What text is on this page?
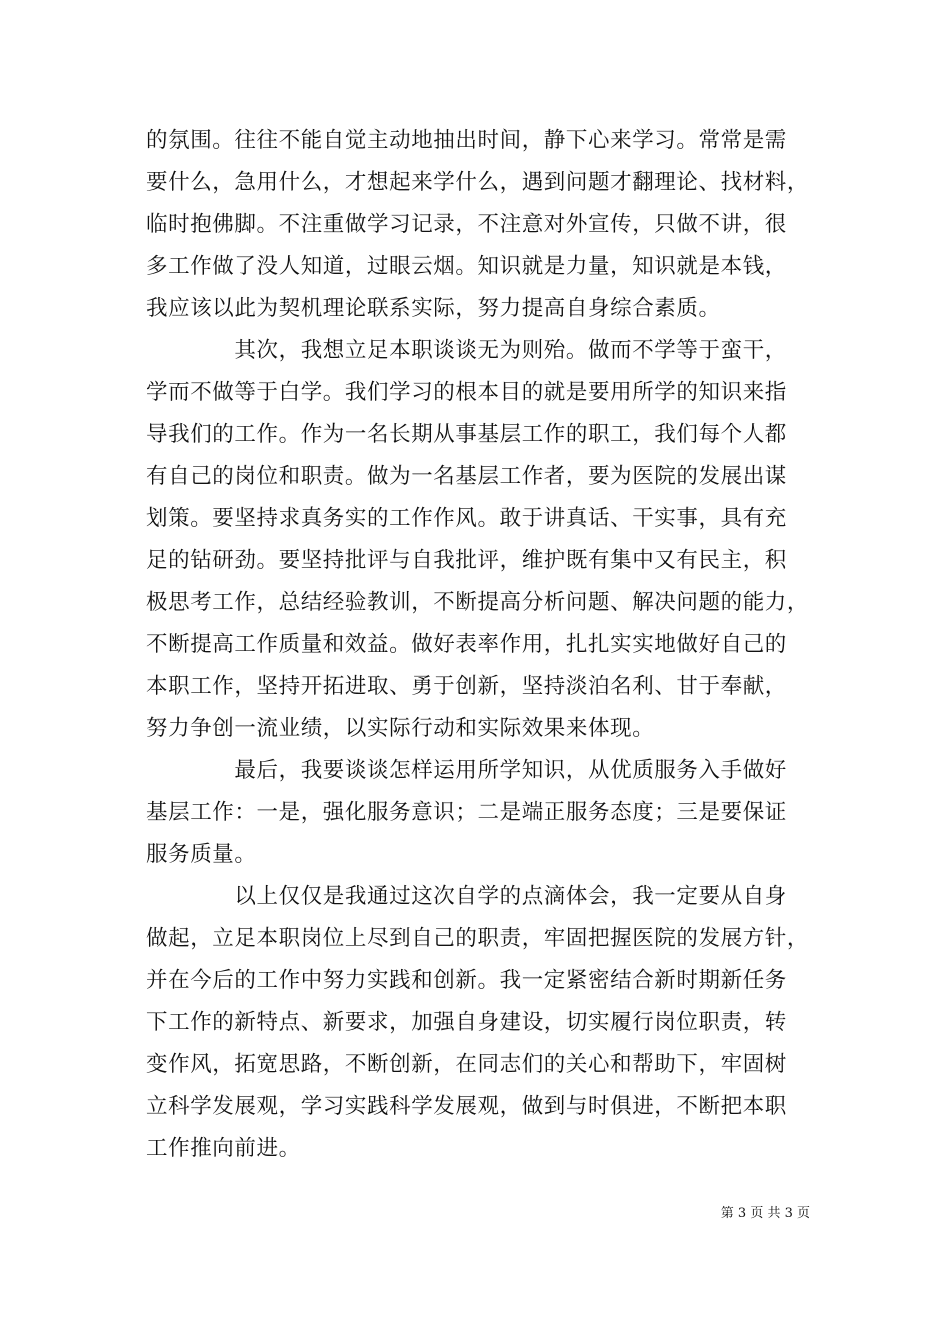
的氛围。往往不能自觉主动地抽出时间，静下心来学习。常常是需
要什么，急用什么，才想起来学什么，遇到问题才翻理论、找材料，
临时抱佛脚。不注重做学习记录，不注意对外宣传，只做不讲，很
多工作做了没人知道，过眼云烟。知识就是力量，知识就是本钱，
我应该以此为契机理论联系实际，努力提高自身综合素质。
　　　　其次，我想立足本职谈谈无为则殆。做而不学等于蛮干，
学而不做等于白学。我们学习的根本目的就是要用所学的知识来指
导我们的工作。作为一名长期从事基层工作的职工，我们每个人都
有自己的岗位和职责。做为一名基层工作者，要为医院的发展出谋
划策。要坚持求真务实的工作作风。敢于讲真话、干实事，具有充
足的钻研劲。要坚持批评与自我批评，维护既有集中又有民主，积
极思考工作，总结经验教训，不断提高分析问题、解决问题的能力，
不断提高工作质量和效益。做好表率作用，扎扎实实地做好自己的
本职工作，坚持开拓进取、勇于创新，坚持淡泊名利、甘于奉献，
努力争创一流业绩，以实际行动和实际效果来体现。
　　　　最后，我要谈谈怎样运用所学知识，从优质服务入手做好
基层工作：一是，强化服务意识；二是端正服务态度；三是要保证
服务质量。
　　　　以上仅仅是我通过这次自学的点滴体会，我一定要从自身
做起，立足本职岗位上尽到自己的职责，牢固把握医院的发展方针，
并在今后的工作中努力实践和创新。我一定紧密结合新时期新任务
下工作的新特点、新要求，加强自身建设，切实履行岗位职责，转
变作风，拓宽思路，不断创新，在同志们的关心和帮助下，牢固树
立科学发展观，学习实践科学发展观，做到与时俱进，不断把本职
工作推向前进。
第 3 页 共 3 页
